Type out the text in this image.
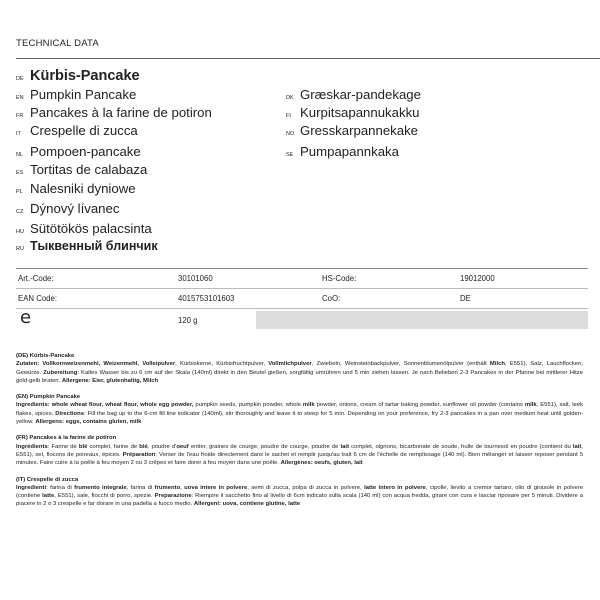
TECHNICAL DATA
DE Kürbis-Pancake
EN Pumpkin Pancake
FR Pancakes à la farine de potiron
IT Crespelle di zucca
NL Pompoen-pancake
ES Tortitas de calabaza
PL Nalesniki dyniowe
CZ Dýnový lívanec
HU Sütötökös palacsinta
RU Тыквенный блинчик
DK Græskar-pandekage
FI Kurpitsapannukakku
NO Gresskarpannekake
SE Pumpapannkaka
Art.-Code:	30101060	HS-Code:	19012000
EAN Code:	4015753101603	CoO:	DE
e	120 g

(DE) Kürbis-Pancake

Zutaten: Vollkornweizenmehl, Weizenmehl, Volleipulver, Kürbiskerne, Kürbisfruchtpulver, Vollmilchpulver, Zwiebeln, Weinsteinbackpulver, Sonnenblumenölpulver (enthält Milch, E551), Salz, Lauchflocken, Gewürze. Zubereitung: Kaltes Wasser bis zu 6 cm auf der Skala (140ml) direkt in den Beutel gießen, sorgfältig umrühren und 5 min ziehen lassen. Je nach Belieben 2-3 Pancakes in der Pfanne bei mittlerer Hitze gold-gelb braten. Allergene: Eier, glutenhaltig, Milch

(EN) Pumpkin Pancake

Ingredients: whole wheat flour, wheat flour, whole egg powder, pumpkin seeds, pumpkin powder, whole milk powder, onions, cream of tartar baking powder, sunflower oil powder (contains milk, E551), salt, leek flakes, spices. Directions: Fill the bag up to the 6-cm fill line indicator (140ml), stir thoroughly and leave it to steep for 5 min. Depending on your preference, fry 2-3 pancakes in a pan over medium heat until golden-yellow. Allergens: eggs, contains gluten, milk

(FR) Pancakes à la farine de potiron

Ingrédients: Farine de blé complet, farine de blé, poudre d'oeuf entier, graines de courge, poudre de courge, poudre de lait complet, oignons, bicarbonate de soude, huile de tournesol en poudre (contient du lait, E551), sel, flocons de poireaux, épices. Préparation: Verser de l'eau froide directement dans le sachet et remplir jusqu'au trait 6 cm de l'échelle de remplissage (140 ml). Bien mélanger et laisser reposer pendant 5 minutes. Faire cuire à la poêle à feu moyen 2 ou 3 crêpes et faire dorer à feu moyen dans une poêle. Allergènes: oeufs, gluten, lait

(IT) Crespelle di zucca

Ingredienti: farina di frumento integrale, farina di frumento, uova intere in polvere, semi di zucca, polpa di zucca in polvere, latte intero in polvere, cipolle, lievito a cremor tartaro, olio di girasole in polvere (contiene latte, E551), sale, fiocchi di porro, spezie. Preparazione: Riempire il sacchetto fino al livello di 6cm indicato sulla scala (140 ml) con acqua fredda, girare con cura e lasciar riposare per 5 minuti. Dividere a piacere in 2 o 3 crespelle e far dorare in una padella a fuoco medio. Allergeni: uova, contiene glutine, latte
